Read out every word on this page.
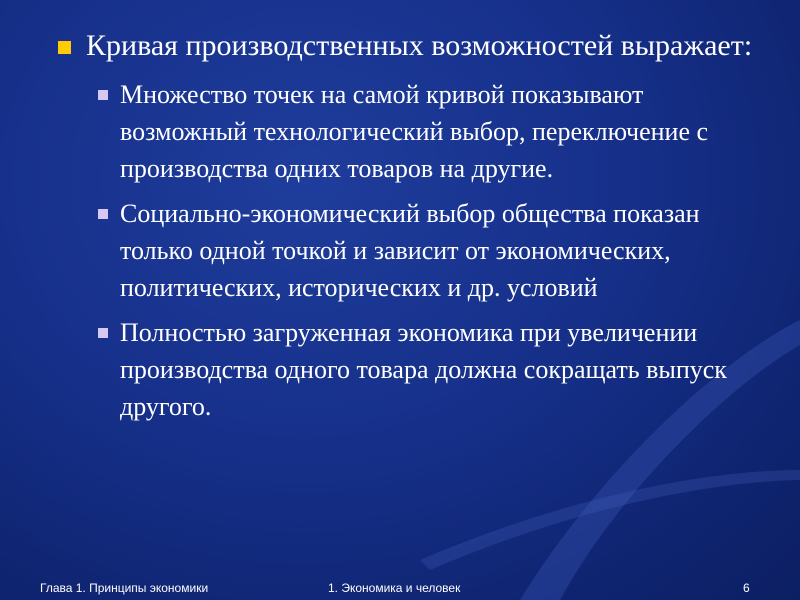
Кривая производственных возможностей выражает:
Множество точек на самой кривой показывают возможный технологический выбор, переключение с производства одних товаров на другие.
Социально-экономический выбор общества показан только одной точкой и зависит от экономических, политических, исторических и др. условий
Полностью загруженная экономика при увеличении производства одного товара должна сокращать выпуск другого.
Глава 1. Принципы экономики	1. Экономика и человек	6
